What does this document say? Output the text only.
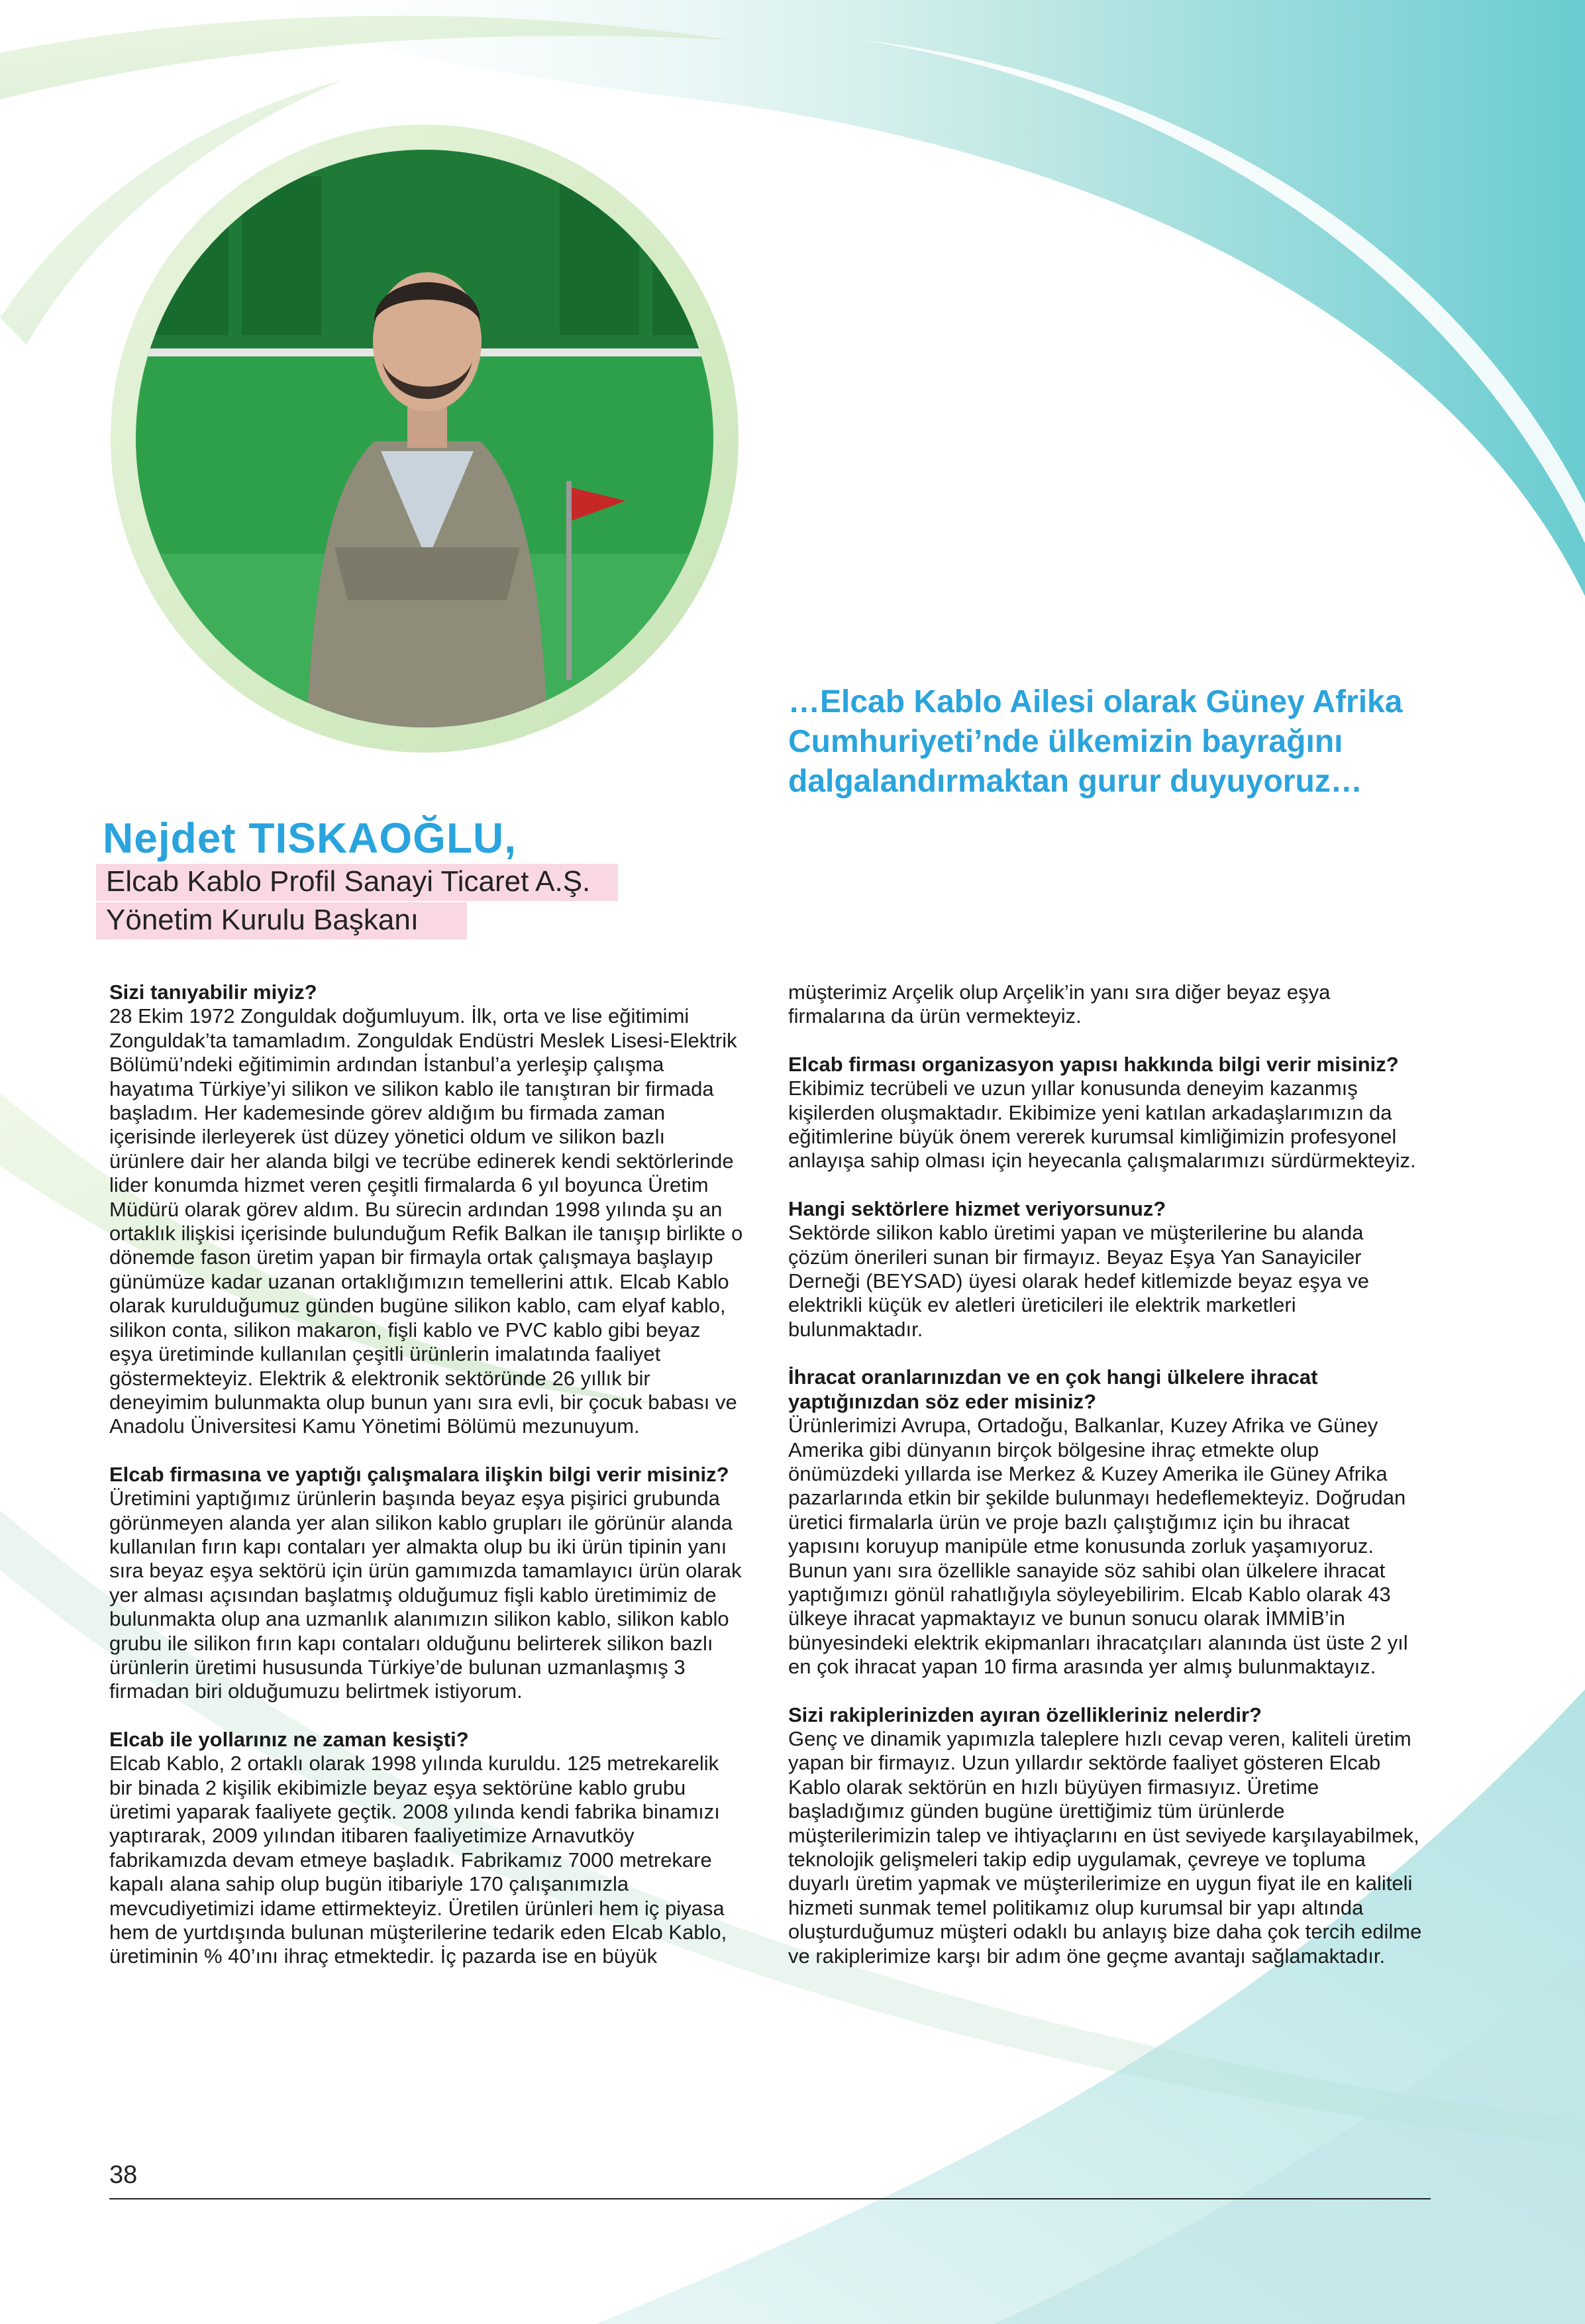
Nejdet TISKAOĞLU,

Elcab Kablo Profil Sanayi Ticaret A.Ş.

Yönetim Kurulu Başkanı

…Elcab Kablo Ailesi olarak Güney Afrika Cumhuriyeti’nde ülkemizin bayrağını dalgalandırmaktan gurur duyuyoruz…

Sizi tanıyabilir miyiz?

28 Ekim 1972 Zonguldak doğumluyum. İlk, orta ve lise eğitimimi Zonguldak’ta tamamladım. Zonguldak Endüstri Meslek Lisesi-Elektrik Bölümü’ndeki eğitimimin ardından İstanbul’a yerleşip çalışma hayatıma Türkiye’yi silikon ve silikon kablo ile tanıştıran bir firmada başladım. Her kademesinde görev aldığım bu firmada zaman içerisinde ilerleyerek üst düzey yönetici oldum ve silikon bazlı ürünlere dair her alanda bilgi ve tecrübe edinerek kendi sektörlerinde lider konumda hizmet veren çeşitli firmalarda 6 yıl boyunca Üretim Müdürü olarak görev aldım. Bu sürecin ardından 1998 yılında şu an ortaklık ilişkisi içerisinde bulunduğum Refik Balkan ile tanışıp birlikte o dönemde fason üretim yapan bir firmayla ortak çalışmaya başlayıp günümüze kadar uzanan ortaklığımızın temellerini attık. Elcab Kablo olarak kurulduğumuz günden bugüne silikon kablo, cam elyaf kablo, silikon conta, silikon makaron, fişli kablo ve PVC kablo gibi beyaz eşya üretiminde kullanılan çeşitli ürünlerin imalatında faaliyet göstermekteyiz. Elektrik & elektronik sektöründe 26 yıllık bir deneyimim bulunmakta olup bunun yanı sıra evli, bir çocuk babası ve Anadolu Üniversitesi Kamu Yönetimi Bölümü mezunuyum.

Elcab firmasına ve yaptığı çalışmalara ilişkin bilgi verir misiniz?

Üretimini yaptığımız ürünlerin başında beyaz eşya pişirici grubunda görünmeyen alanda yer alan silikon kablo grupları ile görünür alanda kullanılan fırın kapı contaları yer almakta olup bu iki ürün tipinin yanı sıra beyaz eşya sektörü için ürün gamımızda tamamlayıcı ürün olarak yer alması açısından başlatmış olduğumuz fişli kablo üretimimiz de bulunmakta olup ana uzmanlık alanımızın silikon kablo, silikon kablo grubu ile silikon fırın kapı contaları olduğunu belirterek silikon bazlı ürünlerin üretimi hususunda Türkiye’de bulunan uzmanlaşmış 3 firmadan biri olduğumuzu belirtmek istiyorum.

Elcab ile yollarınız ne zaman kesişti?

Elcab Kablo, 2 ortaklı olarak 1998 yılında kuruldu. 125 metrekarelik bir binada 2 kişilik ekibimizle beyaz eşya sektörüne kablo grubu üretimi yaparak faaliyete geçtik. 2008 yılında kendi fabrika binamızı yaptırarak, 2009 yılından itibaren faaliyetimize Arnavutköy fabrikamızda devam etmeye başladık. Fabrikamız 7000 metrekare kapalı alana sahip olup bugün itibariyle 170 çalışanımızla mevcudiyetimizi idame ettirmekteyiz. Üretilen ürünleri hem iç piyasa hem de yurtdışında bulunan müşterilerine tedarik eden Elcab Kablo, üretiminin % 40’ını ihraç etmektedir. İç pazarda ise en büyük

müşterimiz Arçelik olup Arçelik’in yanı sıra diğer beyaz eşya firmalarına da ürün vermekteyiz.

Elcab firması organizasyon yapısı hakkında bilgi verir misiniz?

Ekibimiz tecrübeli ve uzun yıllar konusunda deneyim kazanmış kişilerden oluşmaktadır. Ekibimize yeni katılan arkadaşlarımızın da eğitimlerine büyük önem vererek kurumsal kimliğimizin profesyonel anlayışa sahip olması için heyecanla çalışmalarımızı sürdürmekteyiz.

Hangi sektörlere hizmet veriyorsunuz?

Sektörde silikon kablo üretimi yapan ve müşterilerine bu alanda çözüm önerileri sunan bir firmayız. Beyaz Eşya Yan Sanayiciler Derneği (BEYSAD) üyesi olarak hedef kitlemizde beyaz eşya ve elektrikli küçük ev aletleri üreticileri ile elektrik marketleri bulunmaktadır.

İhracat oranlarınızdan ve en çok hangi ülkelere ihracat yaptığınızdan söz eder misiniz?

Ürünlerimizi Avrupa, Ortadoğu, Balkanlar, Kuzey Afrika ve Güney Amerika gibi dünyanın birçok bölgesine ihraç etmekte olup önümüzdeki yıllarda ise Merkez & Kuzey Amerika ile Güney Afrika pazarlarında etkin bir şekilde bulunmayı hedeflemekteyiz. Doğrudan üretici firmalarla ürün ve proje bazlı çalıştığımız için bu ihracat yapısını koruyup manipüle etme konusunda zorluk yaşamıyoruz. Bunun yanı sıra özellikle sanayide söz sahibi olan ülkelere ihracat yaptığımızı gönül rahatlığıyla söyleyebilirim. Elcab Kablo olarak 43 ülkeye ihracat yapmaktayız ve bunun sonucu olarak İMMİB’in bünyesindeki elektrik ekipmanları ihracatçıları alanında üst üste 2 yıl en çok ihracat yapan 10 firma arasında yer almış bulunmaktayız.

Sizi rakiplerinizden ayıran özellikleriniz nelerdir?

Genç ve dinamik yapımızla taleplere hızlı cevap veren, kaliteli üretim yapan bir firmayız. Uzun yıllardır sektörde faaliyet gösteren Elcab Kablo olarak sektörün en hızlı büyüyen firmasıyız. Üretime başladığımız günden bugüne ürettiğimiz tüm ürünlerde müşterilerimizin talep ve ihtiyaçlarını en üst seviyede karşılayabilmek, teknolojik gelişmeleri takip edip uygulamak, çevreye ve topluma duyarlı üretim yapmak ve müşterilerimize en uygun fiyat ile en kaliteli hizmeti sunmak temel politikamız olup kurumsal bir yapı altında oluşturduğumuz müşteri odaklı bu anlayış bize daha çok tercih edilme ve rakiplerimize karşı bir adım öne geçme avantajı sağlamaktadır.

38
